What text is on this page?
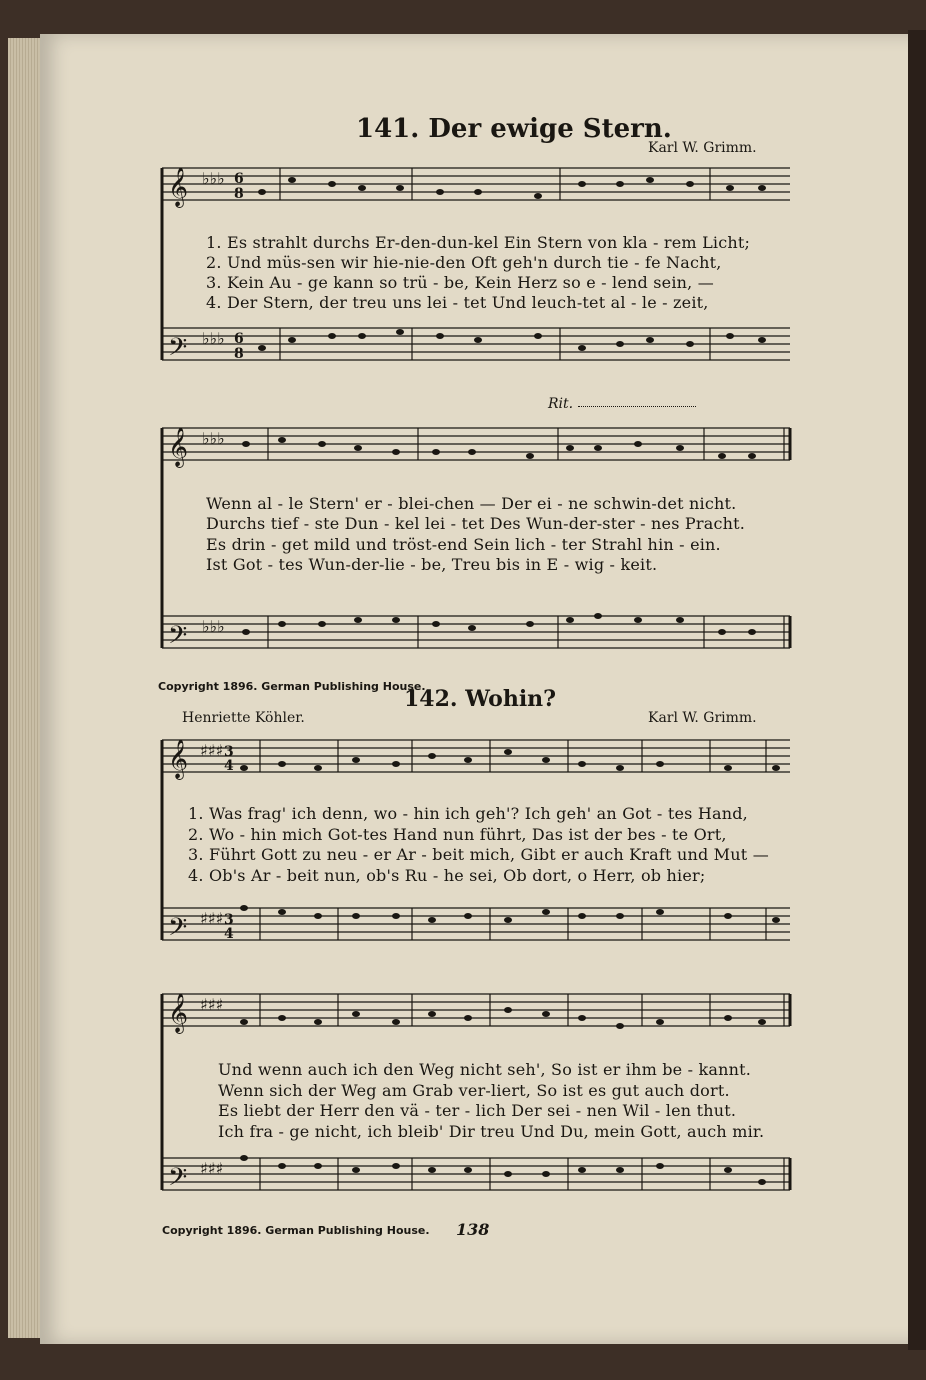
141. Der ewige Stern.
Karl W. Grimm.
𝄞 ♭♭♭ 6
8
𝄢 ♭♭♭ 6
8
1. Es strahlt durchs Er-den-dun-kel Ein Stern von kla - rem Licht;
2. Und müs-sen wir hie-nie-den Oft geh'n durch tie - fe Nacht,
3. Kein Au - ge kann so trü - be, Kein Herz so e - lend sein, —
4. Der Stern, der treu uns lei - tet Und leuch-tet al - le - zeit,
Rit.
𝄞 ♭♭♭
𝄢 ♭♭♭
Wenn al - le Stern' er - blei-chen — Der ei - ne schwin-det nicht.
Durchs tief - ste Dun - kel lei - tet Des Wun-der-ster - nes Pracht.
Es drin - get mild und tröst-end Sein lich - ter Strahl hin - ein.
Ist Got - tes Wun-der-lie - be, Treu bis in E - wig - keit.
Copyright 1896. German Publishing House.
142. Wohin?
Henriette Köhler.	Karl W. Grimm.
𝄞 ♯♯♯ 3
4
𝄢 ♯♯♯ 3
4
1. Was frag' ich denn, wo - hin ich geh'? Ich geh' an Got - tes Hand,
2. Wo - hin mich Got-tes Hand nun führt, Das ist der bes - te Ort,
3. Führt Gott zu neu - er Ar - beit mich, Gibt er auch Kraft und Mut —
4. Ob's Ar - beit nun, ob's Ru - he sei, Ob dort, o Herr, ob hier;
𝄞 ♯♯♯
𝄢 ♯♯♯
Und wenn auch ich den Weg nicht seh', So ist er ihm be - kannt.
Wenn sich der Weg am Grab ver-liert, So ist es gut auch dort.
Es liebt der Herr den vä - ter - lich Der sei - nen Wil - len thut.
Ich fra - ge nicht, ich bleib' Dir treu Und Du, mein Gott, auch mir.
Copyright 1896. German Publishing House. 138
